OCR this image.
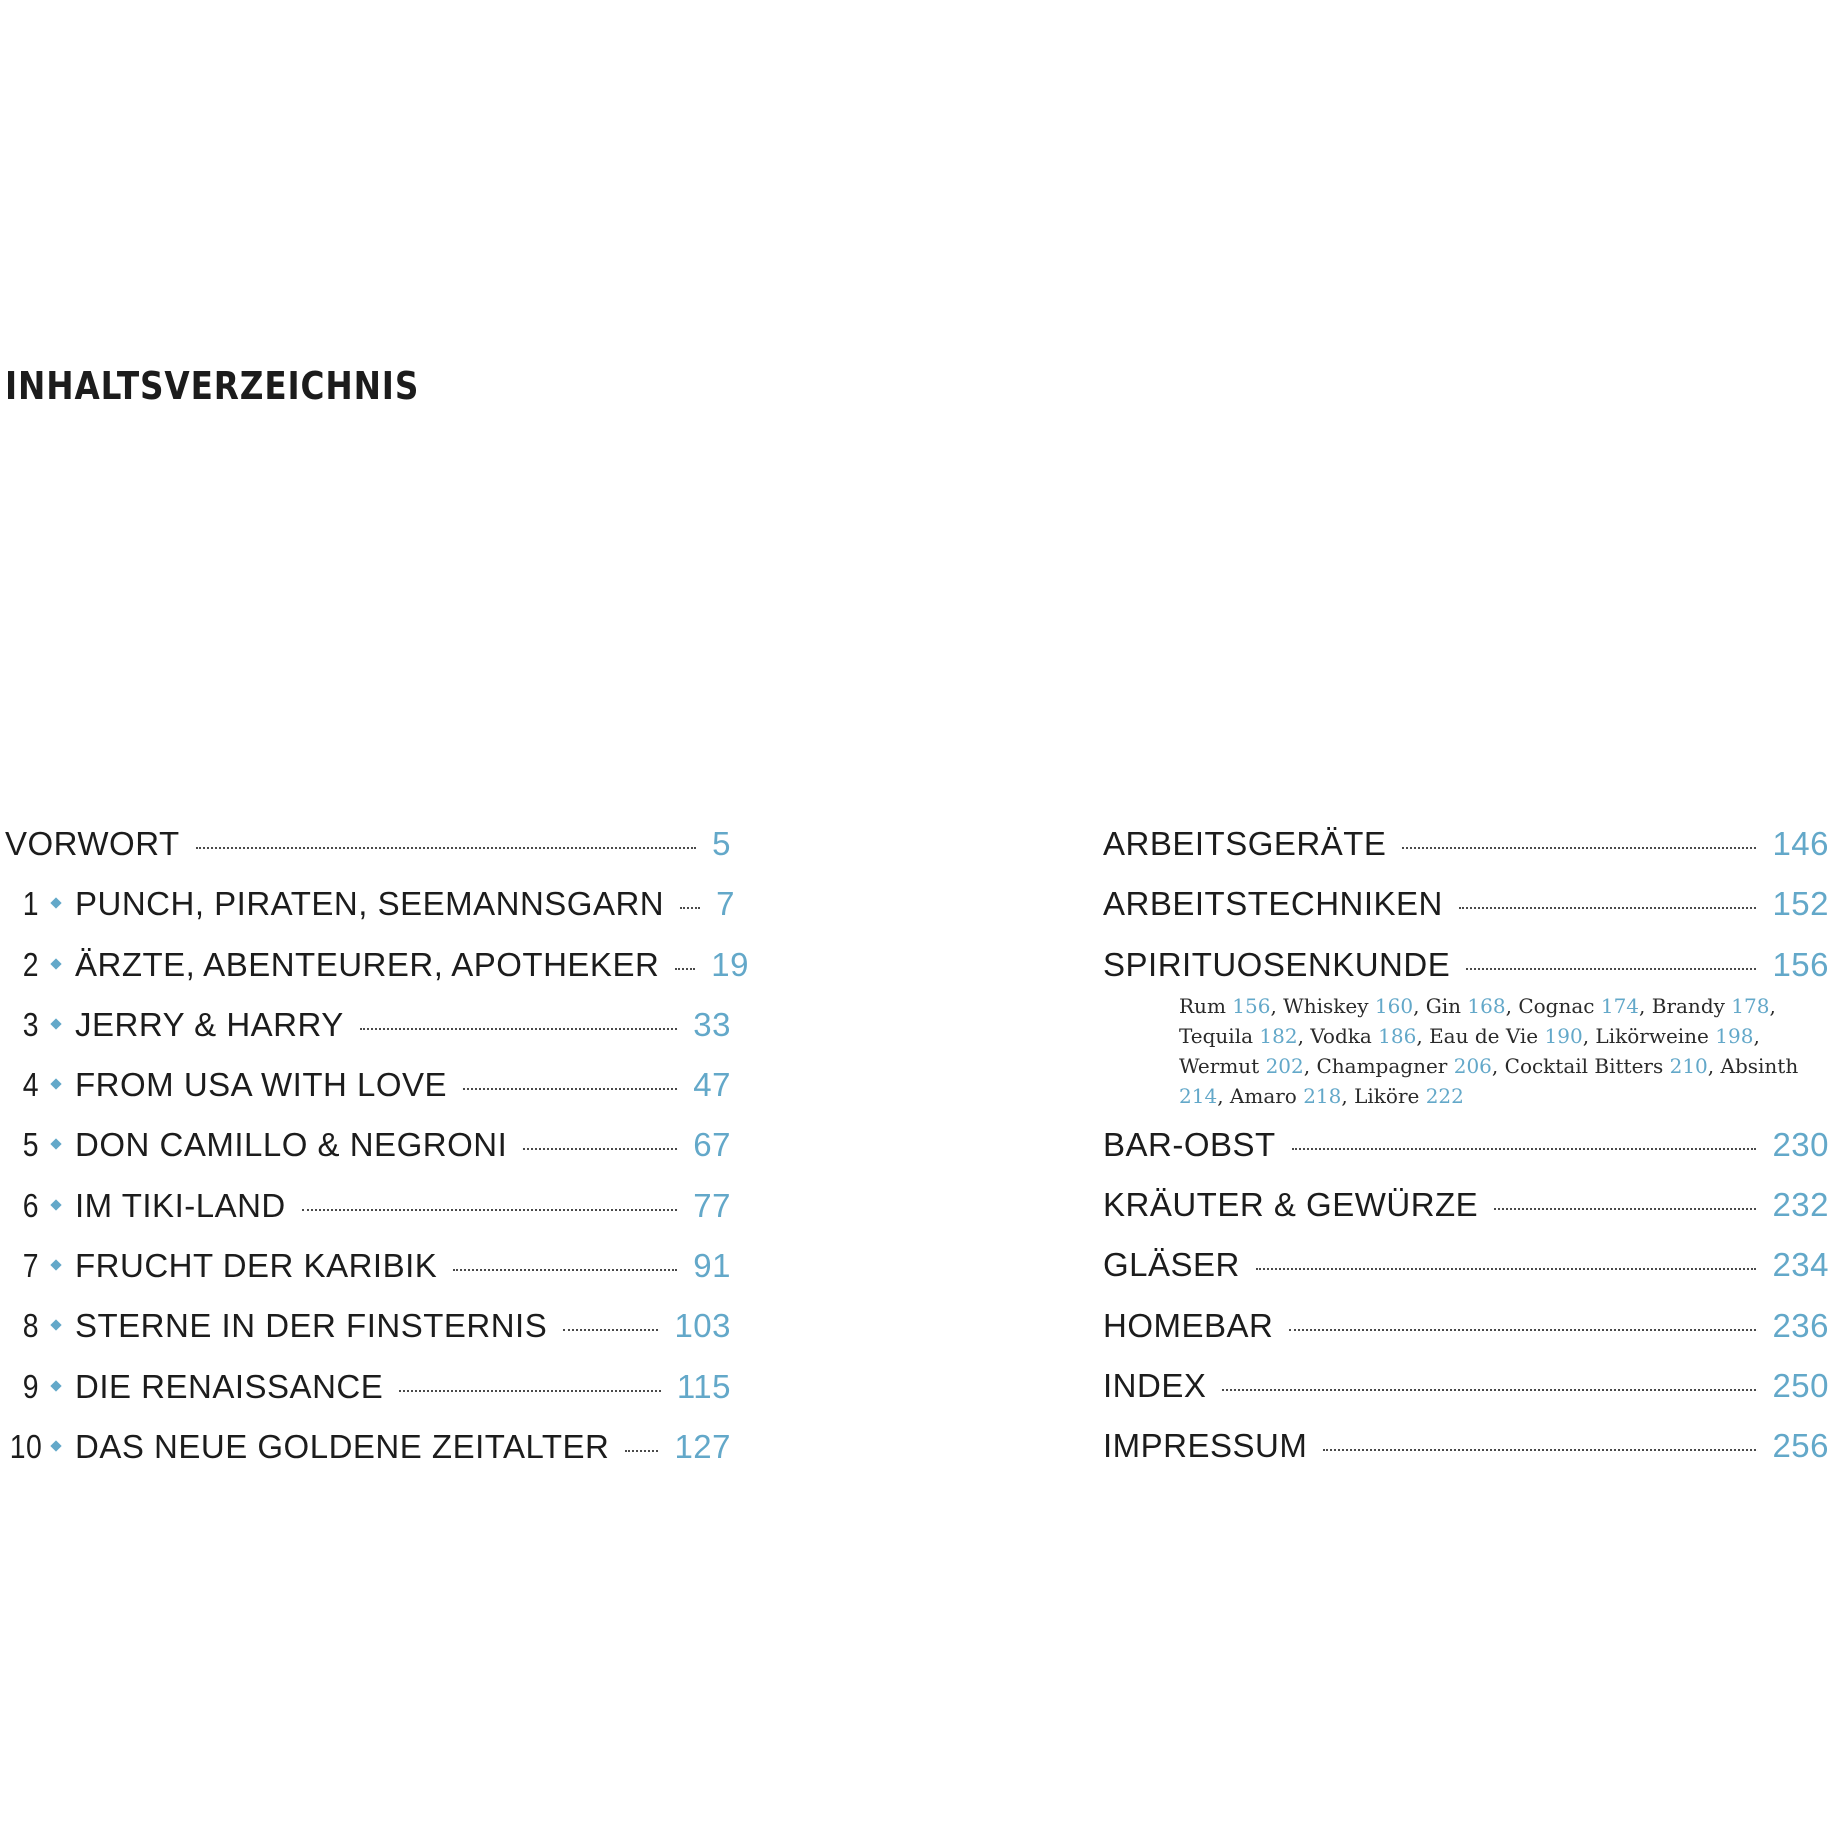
INHALTSVERZEICHNIS
VORWORT	5
1 PUNCH, PIRATEN, SEEMANNSGARN 7
2 ÄRZTE, ABENTEURER, APOTHEKER 19
3 JERRY & HARRY	33
4 FROM USA WITH LOVE	47
5 DON CAMILLO & NEGRONI	67
6 IM TIKI-LAND	77
7 FRUCHT DER KARIBIK	91
8 STERNE IN DER FINSTERNIS	103
9 DIE RENAISSANCE	115
10 DAS NEUE GOLDENE ZEITALTER 127
ARBEITSGERÄTE	146
ARBEITSTECHNIKEN	152
SPIRITUOSENKUNDE	156
Rum 156, Whiskey 160, Gin 168, Cognac 174, Brandy 178, Tequila 182, Vodka 186, Eau de Vie 190, Likörweine 198, Wermut 202, Champagner 206, Cocktail Bitters 210, Absinth 214, Amaro 218, Liköre 222
BAR-OBST	230
KRÄUTER & GEWÜRZE	232
GLÄSER	234
HOMEBAR	236
INDEX	250
IMPRESSUM	256
